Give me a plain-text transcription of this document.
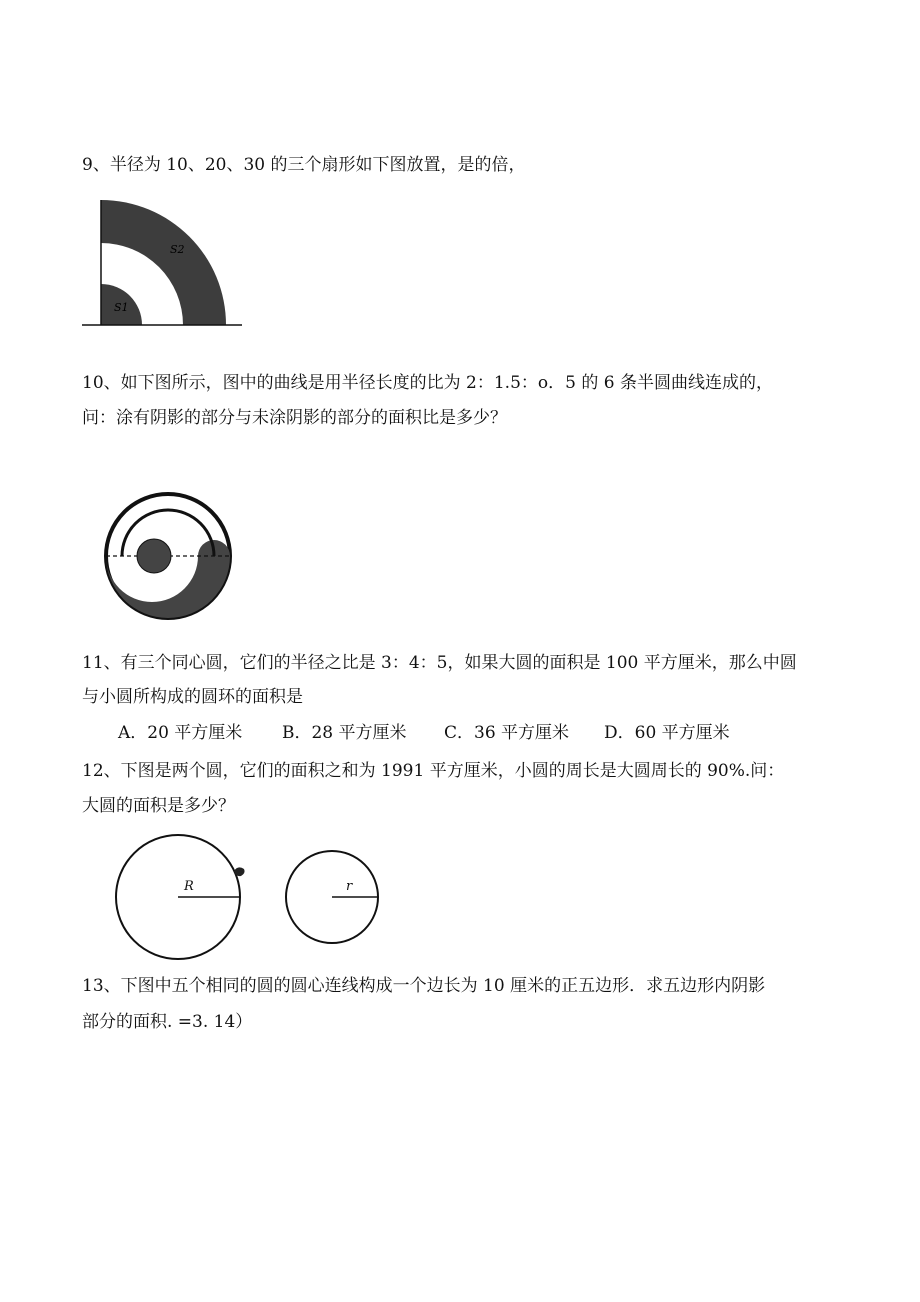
9、半径为 10、20、30 的三个扇形如下图放置，是的倍，
S2
S1
10、如下图所示，图中的曲线是用半径长度的比为 2：1.5：o．5 的 6 条半圆曲线连成的，
问：涂有阴影的部分与未涂阴影的部分的面积比是多少？
11、有三个同心圆，它们的半径之比是 3：4：5，如果大圆的面积是 100 平方厘米，那么中圆
与小圆所构成的圆环的面积是
A．20 平方厘米 B．28 平方厘米 C．36 平方厘米 D．60 平方厘米
12、下图是两个圆，它们的面积之和为 1991 平方厘米，小圆的周长是大圆周长的 90%.问：
大圆的面积是多少？
R	r
13、下图中五个相同的圆的圆心连线构成一个边长为 10 厘米的正五边形．求五边形内阴影
部分的面积. =3. 14）
